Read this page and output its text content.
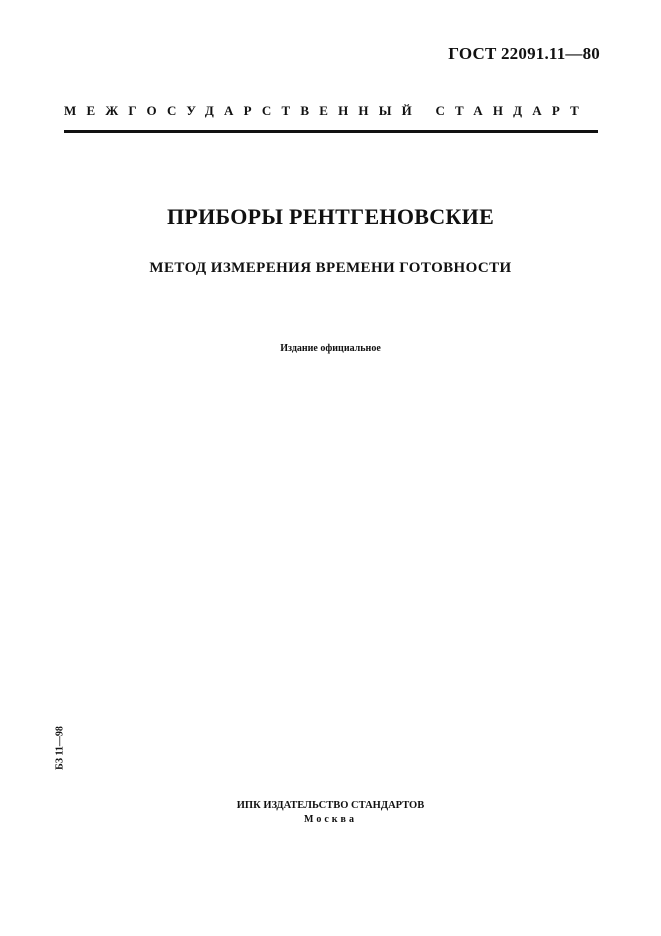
ГОСТ 22091.11—80
МЕЖГОСУДАРСТВЕННЫЙ СТАНДАРТ
ПРИБОРЫ РЕНТГЕНОВСКИЕ
МЕТОД ИЗМЕРЕНИЯ ВРЕМЕНИ ГОТОВНОСТИ
Издание официальное
БЗ 11—98
ИПК ИЗДАТЕЛЬСТВО СТАНДАРТОВ
Москва
